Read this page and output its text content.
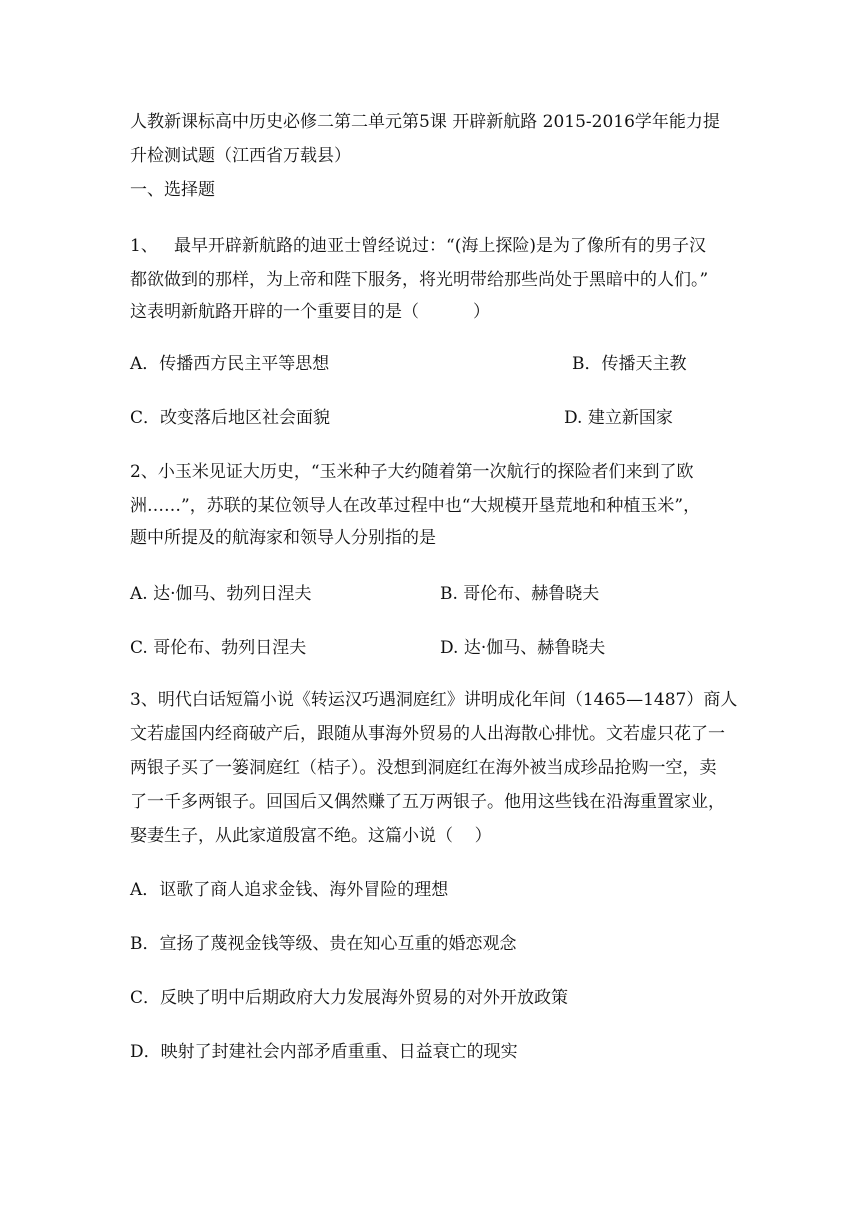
人教新课标高中历史必修二第二单元第5课 开辟新航路 2015-2016学年能力提
升检测试题（江西省万载县）
一、选择题
1、   最早开辟新航路的迪亚士曾经说过：“(海上探险)是为了像所有的男子汉
都欲做到的那样，为上帝和陛下服务，将光明带给那些尚处于黑暗中的人们。”
这表明新航路开辟的一个重要目的是（          ）
A．传播西方民主平等思想	B．传播天主教
C．改变落后地区社会面貌	D. 建立新国家
2、小玉米见证大历史，“玉米种子大约随着第一次航行的探险者们来到了欧
洲……”，苏联的某位领导人在改革过程中也“大规模开垦荒地和种植玉米”，
题中所提及的航海家和领导人分别指的是
A. 达·伽马、勃列日涅夫	B. 哥伦布、赫鲁晓夫
C. 哥伦布、勃列日涅夫	D. 达·伽马、赫鲁晓夫
3、明代白话短篇小说《转运汉巧遇洞庭红》讲明成化年间（1465—1487）商人
文若虚国内经商破产后，跟随从事海外贸易的人出海散心排忧。文若虚只花了一
两银子买了一篓洞庭红（桔子）。没想到洞庭红在海外被当成珍品抢购一空，卖
了一千多两银子。回国后又偶然赚了五万两银子。他用这些钱在沿海重置家业，
娶妻生子，从此家道殷富不绝。这篇小说（    ）
A．讴歌了商人追求金钱、海外冒险的理想
B．宣扬了蔑视金钱等级、贵在知心互重的婚恋观念
C．反映了明中后期政府大力发展海外贸易的对外开放政策
D．映射了封建社会内部矛盾重重、日益衰亡的现实
